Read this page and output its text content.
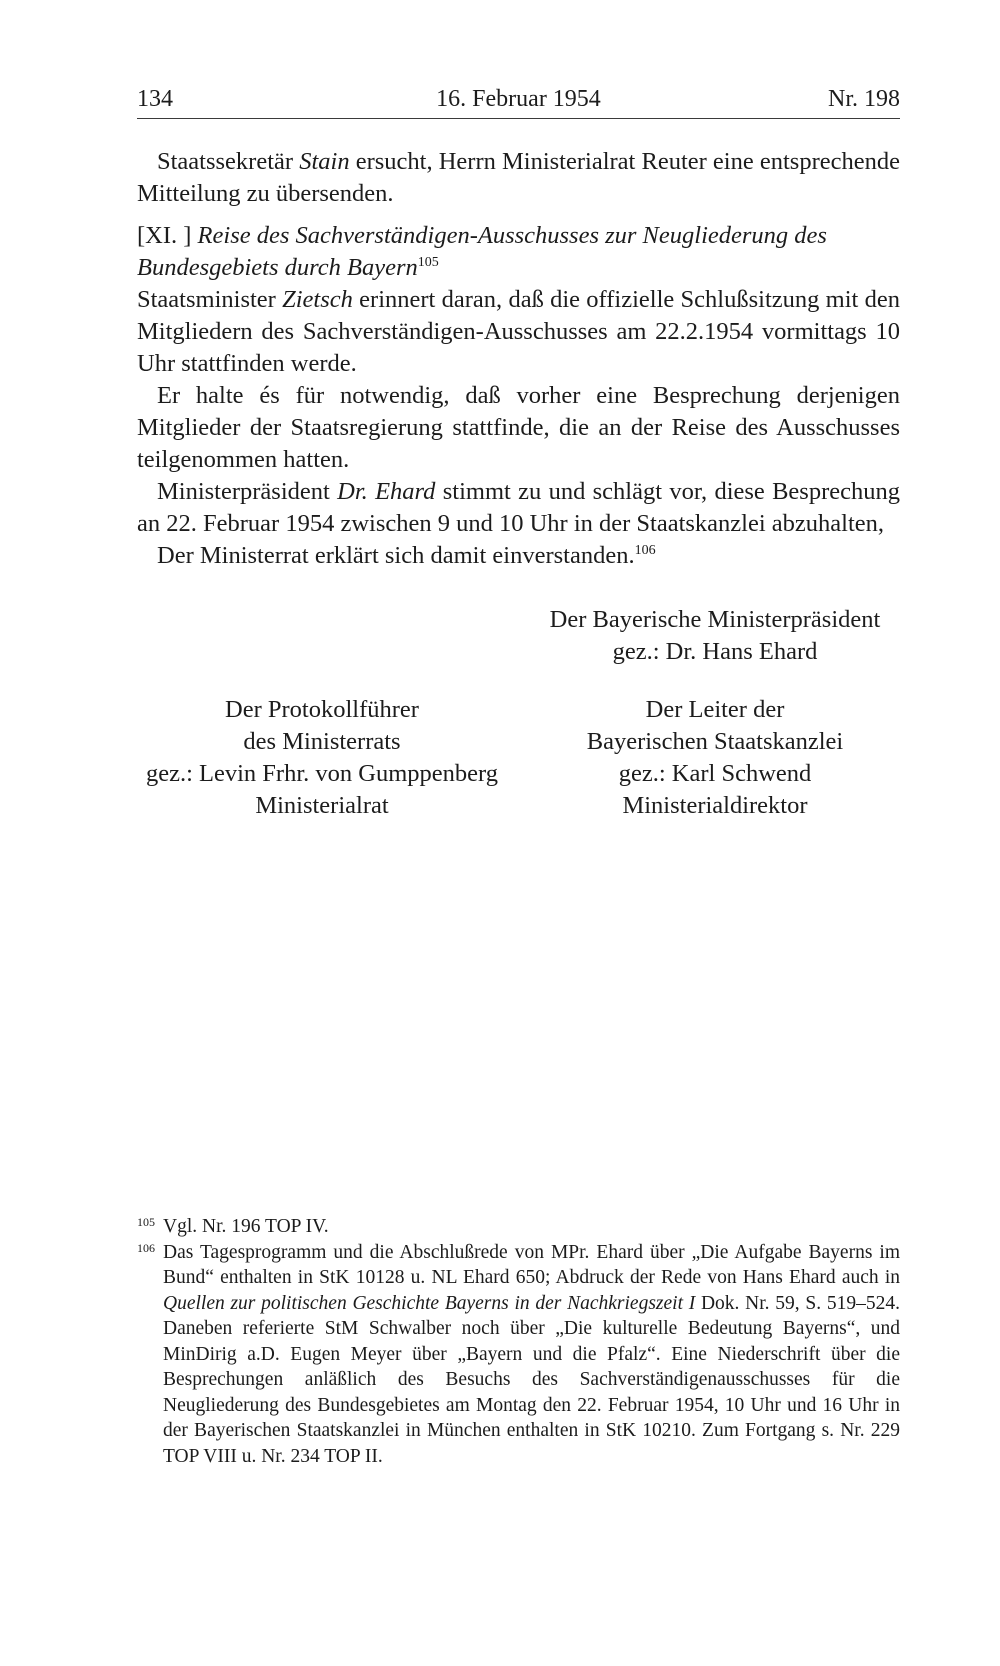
16. Februar 1954
134	Nr. 198

Staatssekretär Stain ersucht, Herrn Ministerialrat Reuter eine entsprechende Mitteilung zu übersenden.

[XI. ] Reise des Sachverständigen-Ausschusses zur Neugliederung des Bundesgebiets durch Bayern$^{105}$

Staatsminister Zietsch erinnert daran, daß die offizielle Schlußsitzung mit den Mitgliedern des Sachverständigen-Ausschusses am 22.2.1954 vormittags 10 Uhr stattfinden werde.

Er halte és für notwendig, daß vorher eine Besprechung derjenigen Mitglieder der Staatsregierung stattfinde, die an der Reise des Ausschusses teilgenommen hatten.

Ministerpräsident Dr. Ehard stimmt zu und schlägt vor, diese Besprechung an 22. Februar 1954 zwischen 9 und 10 Uhr in der Staatskanzlei abzuhalten,

Der Ministerrat erklärt sich damit einverstanden.$^{106}$

Der Bayerische Ministerpräsident
gez.: Dr. Hans Ehard
Der Protokollführer
des Ministerrats
gez.: Levin Frhr. von Gumppenberg
Ministerialrat
Der Leiter der
Bayerischen Staatskanzlei
gez.: Karl Schwend
Ministerialdirektor
105 Vgl. Nr. 196 TOP IV.
106 Das Tagesprogramm und die Abschlußrede von MPr. Ehard über „Die Aufgabe Bayerns im Bund“ enthalten in StK 10128 u. NL Ehard 650; Abdruck der Rede von Hans Ehard auch in Quellen zur politischen Geschichte Bayerns in der Nachkriegszeit I Dok. Nr. 59, S. 519–524. Daneben referierte StM Schwalber noch über „Die kulturelle Bedeutung Bayerns“, und MinDirig a.D. Eugen Meyer über „Bayern und die Pfalz“. Eine Niederschrift über die Besprechungen anläßlich des Besuchs des Sachverständigenausschusses für die Neugliederung des Bundesgebietes am Montag den 22. Februar 1954, 10 Uhr und 16 Uhr in der Bayerischen Staatskanzlei in München enthalten in StK 10210. Zum Fortgang s. Nr. 229 TOP VIII u. Nr. 234 TOP II.
